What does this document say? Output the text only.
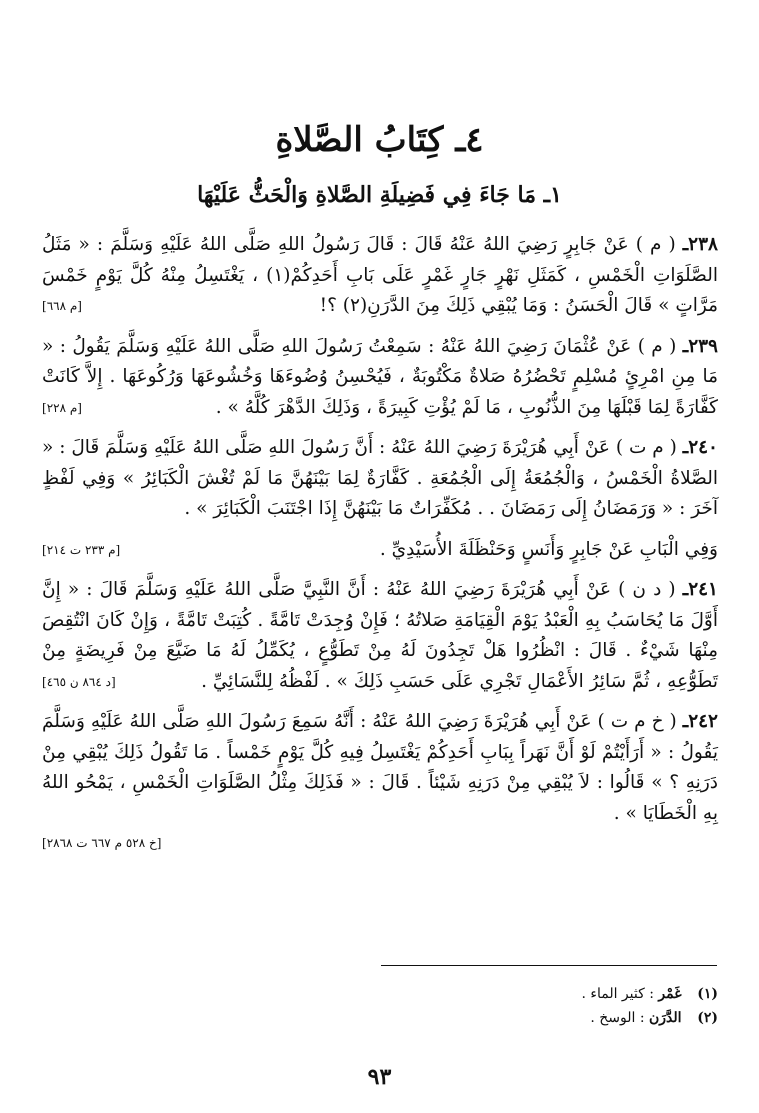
٤ـ كِتَابُ الصَّلاةِ
١ـ مَا جَاءَ فِي فَضِيلَةِ الصَّلاةِ وَالْحَثُّ عَلَيْهَا

٢٣٨ـ ( م ) عَنْ جَابِرٍ رَضِيَ اللهُ عَنْهُ قَالَ : قَالَ رَسُولُ اللهِ صَلَّى اللهُ عَلَيْهِ وَسَلَّمَ : « مَثَلُ الصَّلَوَاتِ الْخَمْسِ ، كَمَثَلِ نَهْرٍ جَارٍ غَمْرٍ عَلَى بَابِ أَحَدِكُمْ(١) ، يَغْتَسِلُ مِنْهُ كُلَّ يَوْمٍ خَمْسَ مَرَّاتٍ » قَالَ الْحَسَنُ : وَمَا يُبْقِي ذَلِكَ مِنَ الدَّرَنِ(٢) ؟!
[م ٦٦٨]

٢٣٩ـ ( م ) عَنْ عُثْمَانَ رَضِيَ اللهُ عَنْهُ : سَمِعْتُ رَسُولَ اللهِ صَلَّى اللهُ عَلَيْهِ وَسَلَّمَ يَقُولُ : « مَا مِنِ امْرِئٍ مُسْلِمٍ تَحْضُرُهُ صَلاةٌ مَكْتُوبَةٌ ، فَيُحْسِنُ وُضُوءَهَا وَخُشُوعَهَا وَرُكُوعَهَا . إِلاَّ كَانَتْ كَفَّارَةً لِمَا قَبْلَهَا مِنَ الذُّنُوبِ ، مَا لَمْ يُؤْتِ كَبِيرَةً ، وَذَلِكَ الدَّهْرَ كُلَّهُ » .
[م ٢٢٨]

٢٤٠ـ ( م ت ) عَنْ أَبِي هُرَيْرَةَ رَضِيَ اللهُ عَنْهُ : أَنَّ رَسُولَ اللهِ صَلَّى اللهُ عَلَيْهِ وَسَلَّمَ قَالَ : « الصَّلاةُ الْخَمْسُ ، وَالْجُمُعَةُ إِلَى الْجُمُعَةِ . كَفَّارَةٌ لِمَا بَيْنَهُنَّ مَا لَمْ تُغْشَ الْكَبَائِرُ » وَفِي لَفْظٍ آخَرَ : « وَرَمَضَانُ إِلَى رَمَضَانَ . . مُكَفِّرَاتٌ مَا بَيْنَهُنَّ إِذَا اجْتَنَبَ الْكَبَائِرَ » .

وَفِي الْبَابِ عَنْ جَابِرٍ وَأَنَسٍ وَحَنْظَلَةَ الأُسَيْدِيِّ .
[م ٢٣٣ ت ٢١٤]

٢٤١ـ ( د ن ) عَنْ أَبِي هُرَيْرَةَ رَضِيَ اللهُ عَنْهُ : أَنَّ النَّبِيَّ صَلَّى اللهُ عَلَيْهِ وَسَلَّمَ قَالَ : « إِنَّ أَوَّلَ مَا يُحَاسَبُ بِهِ الْعَبْدُ يَوْمَ الْقِيَامَةِ صَلاتُهُ ؛ فَإِنْ وُجِدَتْ تَامَّةً . كُتِبَتْ تَامَّةً ، وَإِنْ كَانَ انْتُقِصَ مِنْهَا شَيْءٌ . قَالَ : انْظُرُوا هَلْ تَجِدُونَ لَهُ مِنْ تَطَوُّعٍ ، يُكَمِّلُ لَهُ مَا ضَيَّعَ مِنْ فَرِيضَةٍ مِنْ تَطَوُّعِهِ ، ثُمَّ سَائِرُ الأَعْمَالِ تَجْرِي عَلَى حَسَبِ ذَلِكَ » . لَفْظُهُ لِلنَّسَائِيِّ .
[د ٨٦٤ ن ٤٦٥]

٢٤٢ـ ( خ م ت ) عَنْ أَبِي هُرَيْرَةَ رَضِيَ اللهُ عَنْهُ : أَنَّهُ سَمِعَ رَسُولَ اللهِ صَلَّى اللهُ عَلَيْهِ وَسَلَّمَ يَقُولُ : « أَرَأَيْتُمْ لَوْ أَنَّ نَهَراً بِبَابِ أَحَدِكُمْ يَغْتَسِلُ فِيهِ كُلَّ يَوْمٍ خَمْساً . مَا تَقُولُ ذَلِكَ يُبْقِي مِنْ دَرَنِهِ ؟ » قَالُوا : لاَ يُبْقِي مِنْ دَرَنِهِ شَيْئاً . قَالَ : « فَذَلِكَ مِثْلُ الصَّلَوَاتِ الْخَمْسِ ، يَمْحُو اللهُ بِهِ الْخَطَايَا » .

[خ ٥٢٨ م ٦٦٧ ت ٢٨٦٨]
(١) غَمْر : كثير الماء .
(٢) الدَّرَن : الوسخ .
٩٣
